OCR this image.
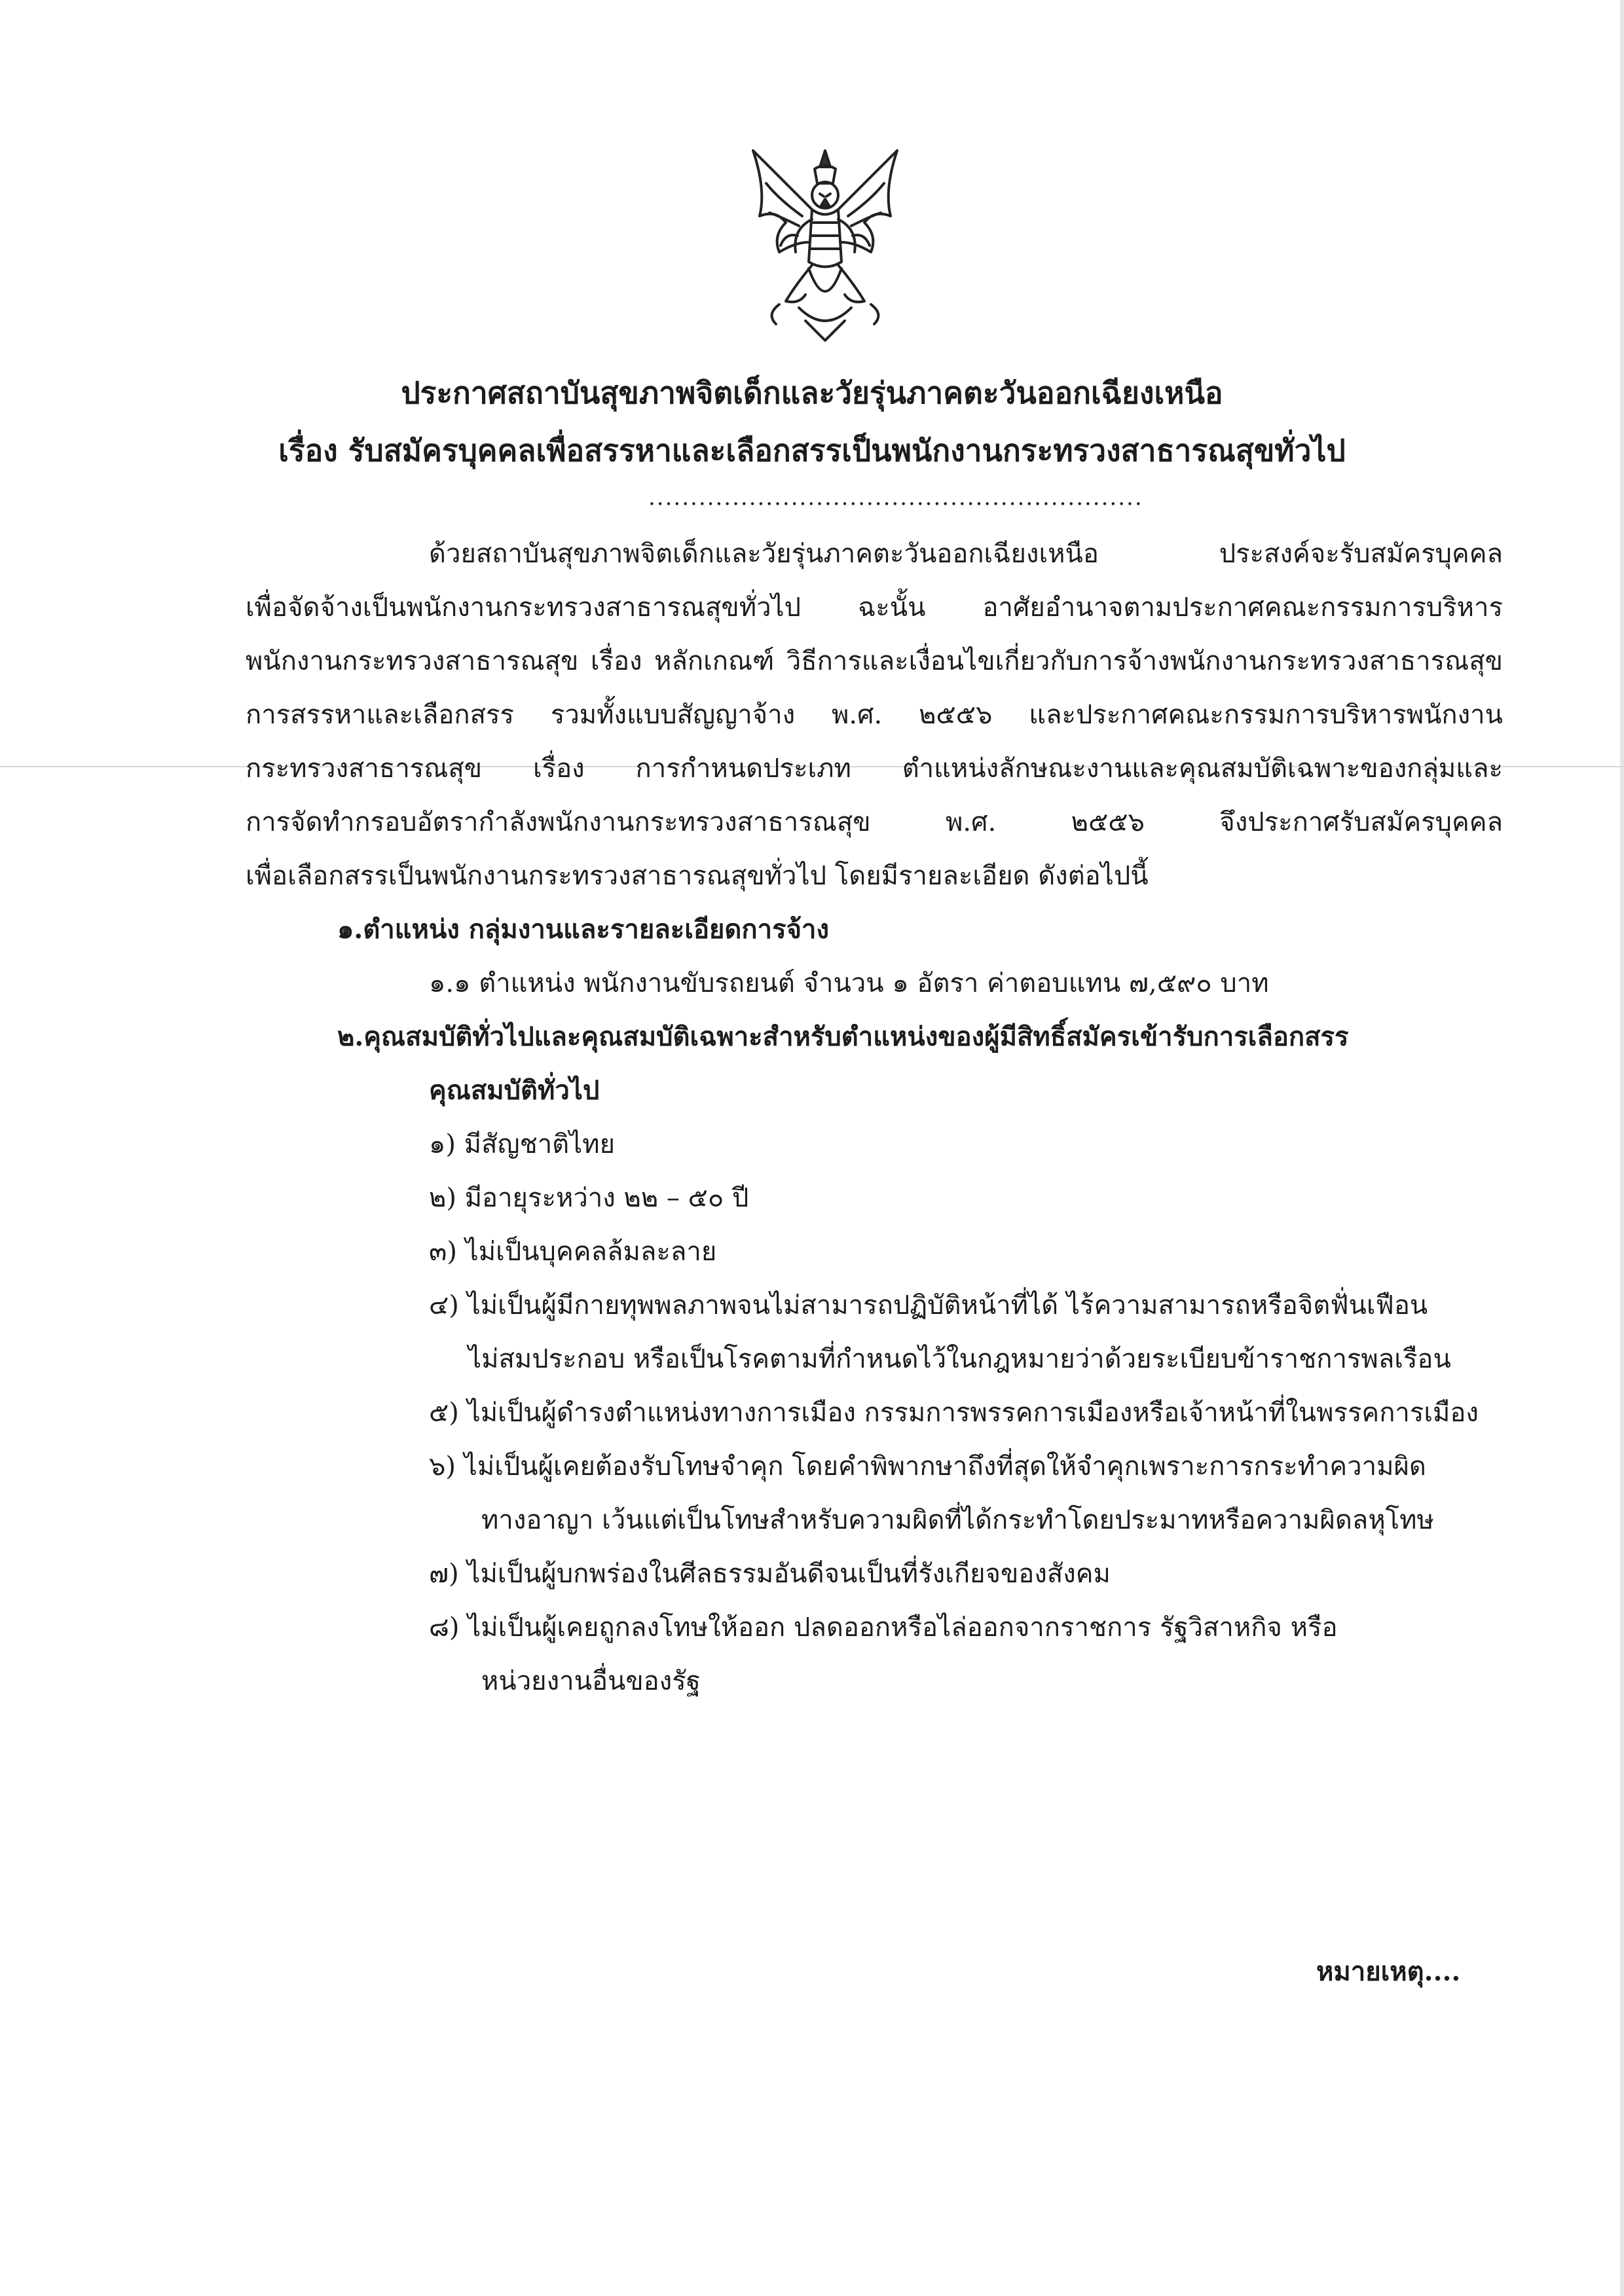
ประกาศสถาบันสุขภาพจิตเด็กและวัยรุ่นภาคตะวันออกเฉียงเหนือ
เรื่อง รับสมัครบุคคลเพื่อสรรหาและเลือกสรรเป็นพนักงานกระทรวงสาธารณสุขทั่วไป
...........................................................
ด้วยสถาบันสุขภาพจิตเด็กและวัยรุ่นภาคตะวันออกเฉียงเหนือ ประสงค์จะรับสมัครบุคคล
เพื่อจัดจ้างเป็นพนักงานกระทรวงสาธารณสุขทั่วไป ฉะนั้น อาศัยอำนาจตามประกาศคณะกรรมการบริหาร
พนักงานกระทรวงสาธารณสุข เรื่อง หลักเกณฑ์ วิธีการและเงื่อนไขเกี่ยวกับการจ้างพนักงานกระทรวงสาธารณสุข
การสรรหาและเลือกสรร รวมทั้งแบบสัญญาจ้าง พ.ศ. ๒๕๕๖ และประกาศคณะกรรมการบริหารพนักงาน
กระทรวงสาธารณสุข เรื่อง การกำหนดประเภท ตำแหน่งลักษณะงานและคุณสมบัติเฉพาะของกลุ่มและ
การจัดทำกรอบอัตรากำลังพนักงานกระทรวงสาธารณสุข พ.ศ. ๒๕๕๖ จึงประกาศรับสมัครบุคคล
เพื่อเลือกสรรเป็นพนักงานกระทรวงสาธารณสุขทั่วไป โดยมีรายละเอียด ดังต่อไปนี้
๑.ตำแหน่ง กลุ่มงานและรายละเอียดการจ้าง
๑.๑ ตำแหน่ง พนักงานขับรถยนต์ จำนวน ๑ อัตรา ค่าตอบแทน ๗,๕๙๐ บาท
๒.คุณสมบัติทั่วไปและคุณสมบัติเฉพาะสำหรับตำแหน่งของผู้มีสิทธิ์สมัครเข้ารับการเลือกสรร
คุณสมบัติทั่วไป
๑) มีสัญชาติไทย
๒) มีอายุระหว่าง ๒๒ – ๕๐ ปี
๓) ไม่เป็นบุคคลล้มละลาย
๔) ไม่เป็นผู้มีกายทุพพลภาพจนไม่สามารถปฏิบัติหน้าที่ได้ ไร้ความสามารถหรือจิตฟั่นเฟือน
ไม่สมประกอบ หรือเป็นโรคตามที่กำหนดไว้ในกฎหมายว่าด้วยระเบียบข้าราชการพลเรือน
๕) ไม่เป็นผู้ดำรงตำแหน่งทางการเมือง กรรมการพรรคการเมืองหรือเจ้าหน้าที่ในพรรคการเมือง
๖) ไม่เป็นผู้เคยต้องรับโทษจำคุก โดยคำพิพากษาถึงที่สุดให้จำคุกเพราะการกระทำความผิด
ทางอาญา เว้นแต่เป็นโทษสำหรับความผิดที่ได้กระทำโดยประมาทหรือความผิดลหุโทษ
๗) ไม่เป็นผู้บกพร่องในศีลธรรมอันดีจนเป็นที่รังเกียจของสังคม
๘) ไม่เป็นผู้เคยถูกลงโทษให้ออก ปลดออกหรือไล่ออกจากราชการ รัฐวิสาหกิจ หรือ
หน่วยงานอื่นของรัฐ
หมายเหตุ....
